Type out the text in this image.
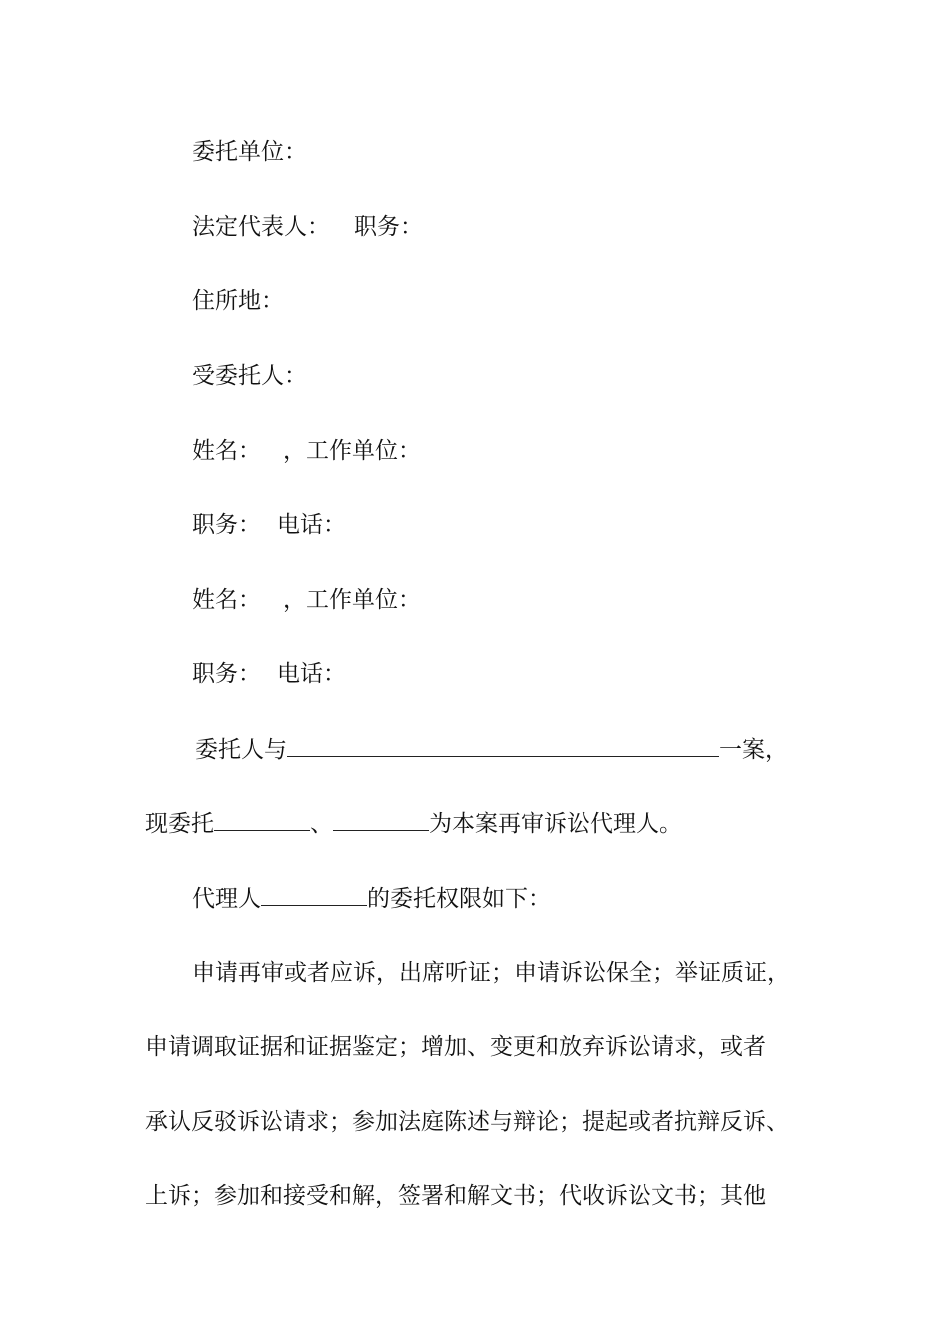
委托单位：
法定代表人： 职务：
住所地：
受委托人：
姓名： ，工作单位：
职务： 电话：
姓名： ，工作单位：
职务： 电话：
委托人与	一案，
现委托	、	为本案再审诉讼代理人。
代理人	的委托权限如下：
申请再审或者应诉，出席听证；申请诉讼保全；举证质证，
申请调取证据和证据鉴定；增加、变更和放弃诉讼请求，或者
承认反驳诉讼请求；参加法庭陈述与辩论；提起或者抗辩反诉、
上诉；参加和接受和解，签署和解文书；代收诉讼文书；其他
